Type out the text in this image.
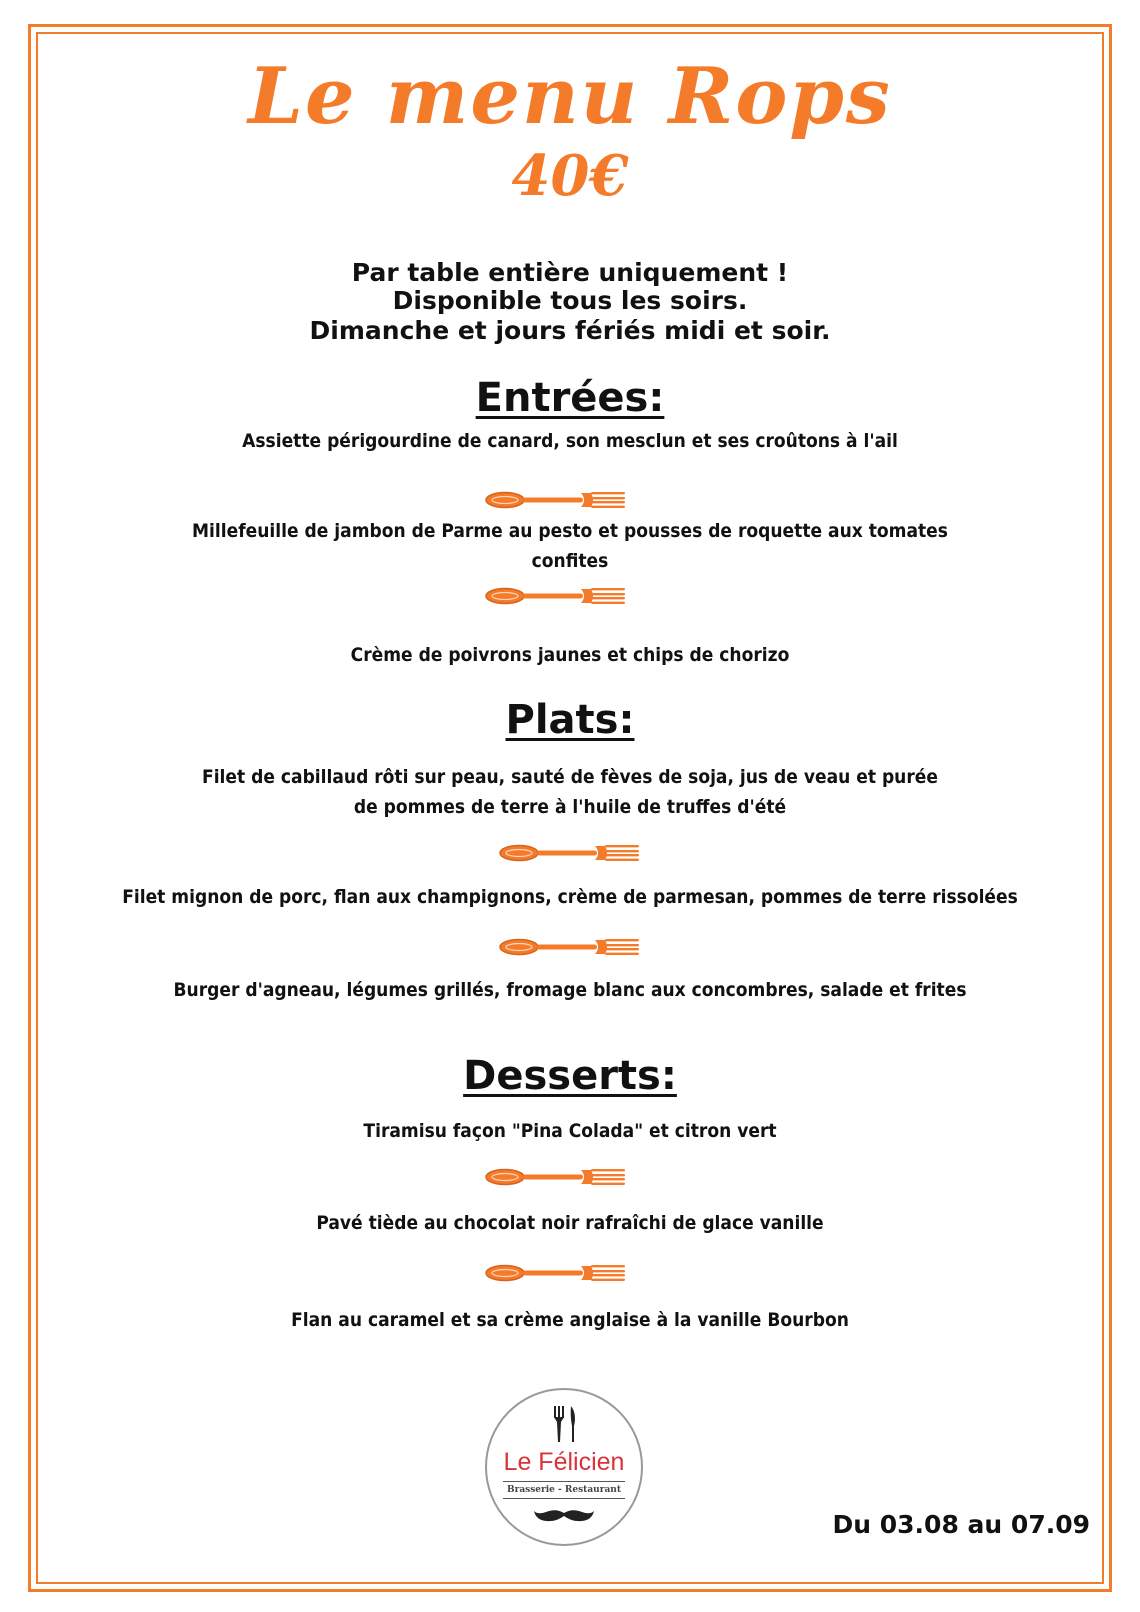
Le menu Rops
40€
Par table entière uniquement !
Disponible tous les soirs.
Dimanche et jours fériés midi et soir.
Entrées:
Assiette périgourdine de canard, son mesclun et ses croûtons à l'ail
Millefeuille de jambon de Parme au pesto et pousses de roquette aux tomates
confites
Crème de poivrons jaunes et chips de chorizo
Plats:
Filet de cabillaud rôti sur peau, sauté de fèves de soja, jus de veau et purée
de pommes de terre à l'huile de truffes d'été
Filet mignon de porc, flan aux champignons, crème de parmesan, pommes de terre rissolées
Burger d'agneau, légumes grillés, fromage blanc aux concombres, salade et frites
Desserts:
Tiramisu façon "Pina Colada" et citron vert
Pavé tiède au chocolat noir rafraîchi de glace vanille
Flan au caramel et sa crème anglaise à la vanille Bourbon
Le Félicien
Brasserie - Restaurant
Du 03.08 au 07.09
